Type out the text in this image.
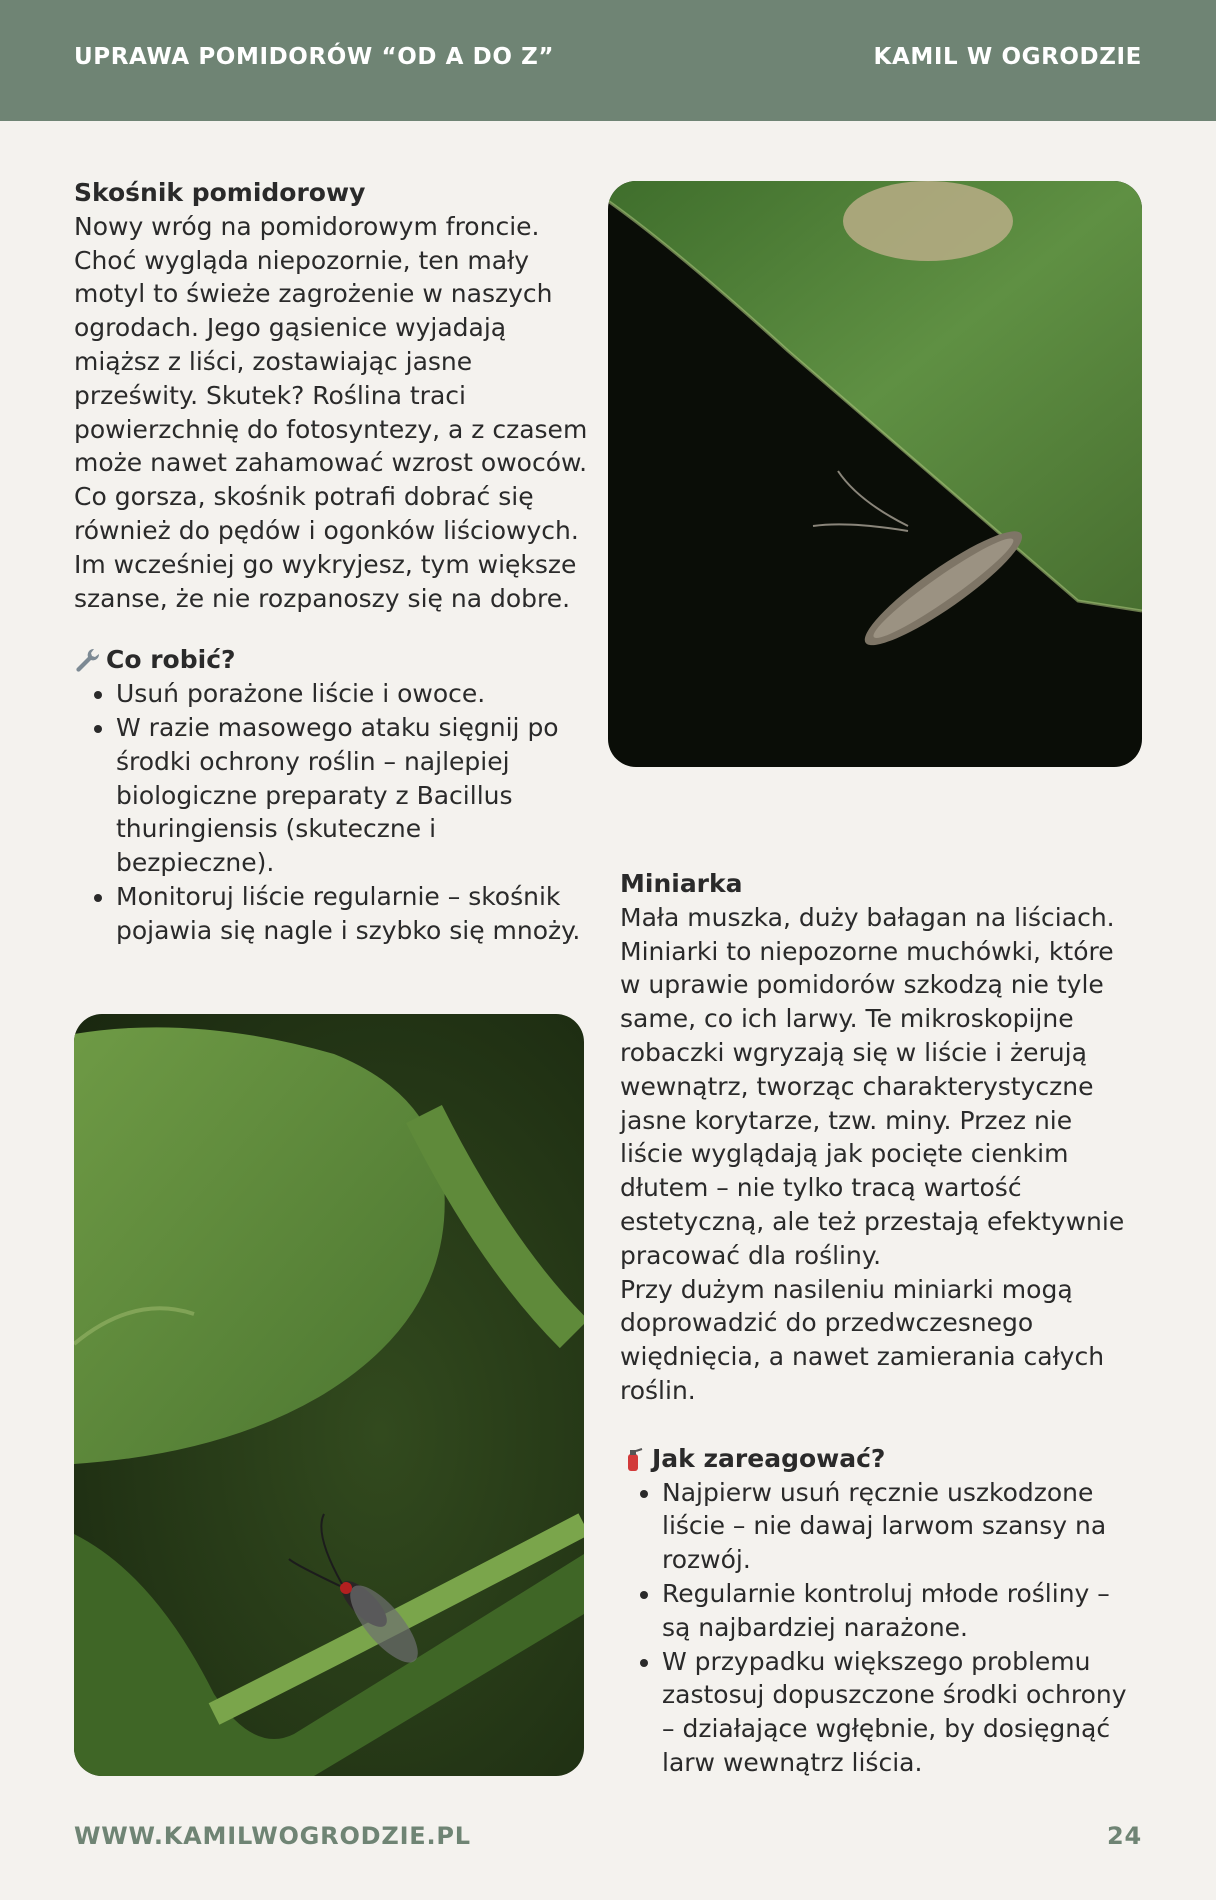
UPRAWA POMIDORÓW “OD A DO Z”	KAMIL W OGRODZIE
Skośnik pomidorowy

Nowy wróg na pomidorowym froncie. Choć wygląda niepozornie, ten mały motyl to świeże zagrożenie w naszych ogrodach. Jego gąsienice wyjadają miąższ z liści, zostawiając jasne prześwity. Skutek? Roślina traci powierzchnię do fotosyntezy, a z czasem może nawet zahamować wzrost owoców.

Co gorsza, skośnik potrafi dobrać się również do pędów i ogonków liściowych. Im wcześniej go wykryjesz, tym większe szanse, że nie rozpanoszy się na dobre.

Co robić?
• Usuń porażone liście i owoce.
• W razie masowego ataku sięgnij po środki ochrony roślin – najlepiej biologiczne preparaty z Bacillus thuringiensis (skuteczne i bezpieczne).
• Monitoruj liście regularnie – skośnik pojawia się nagle i szybko się mnoży.
Miniarka

Mała muszka, duży bałagan na liściach. Miniarki to niepozorne muchówki, które w uprawie pomidorów szkodzą nie tyle same, co ich larwy. Te mikroskopijne robaczki wgryzają się w liście i żerują wewnątrz, tworząc charakterystyczne jasne korytarze, tzw. miny. Przez nie liście wyglądają jak pocięte cienkim dłutem – nie tylko tracą wartość estetyczną, ale też przestają efektywnie pracować dla rośliny.

Przy dużym nasileniu miniarki mogą doprowadzić do przedwczesnego więdnięcia, a nawet zamierania całych roślin.

Jak zareagować?
• Najpierw usuń ręcznie uszkodzone liście – nie dawaj larwom szansy na rozwój.
• Regularnie kontroluj młode rośliny – są najbardziej narażone.
• W przypadku większego problemu zastosuj dopuszczone środki ochrony – działające wgłębnie, by dosięgnąć larw wewnątrz liścia.
WWW.KAMILWOGRODZIE.PL	24
